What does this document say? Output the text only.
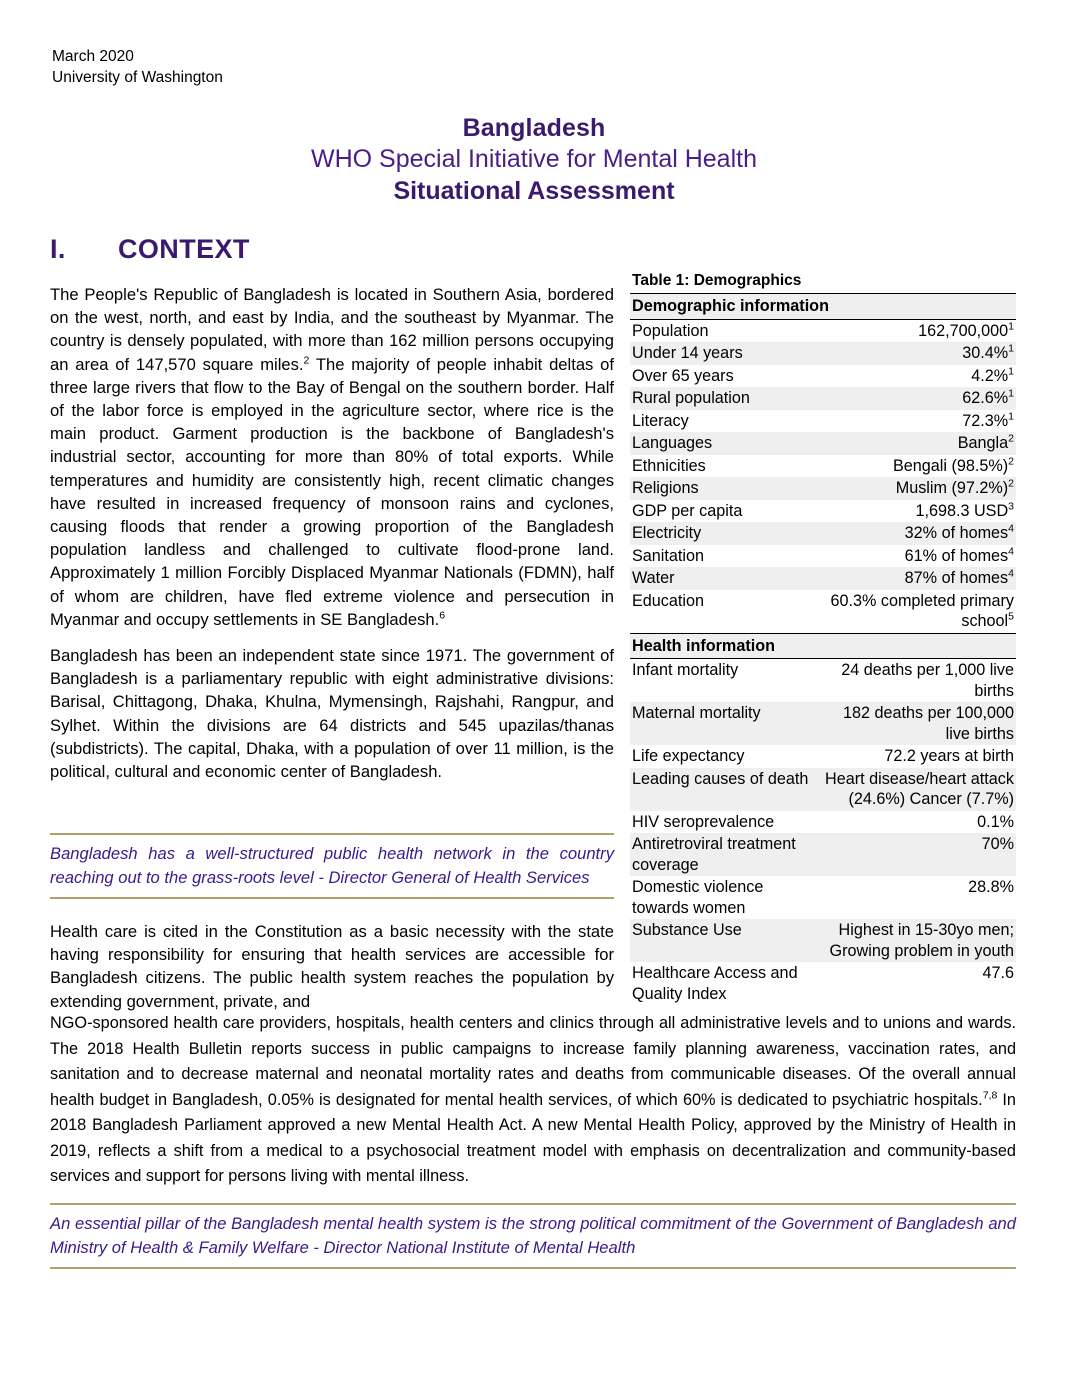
March 2020
University of Washington
Bangladesh
WHO Special Initiative for Mental Health
Situational Assessment
I. CONTEXT

The People's Republic of Bangladesh is located in Southern Asia, bordered on the west, north, and east by India, and the southeast by Myanmar. The country is densely populated, with more than 162 million persons occupying an area of 147,570 square miles.$^2$ The majority of people inhabit deltas of three large rivers that flow to the Bay of Bengal on the southern border. Half of the labor force is employed in the agriculture sector, where rice is the main product. Garment production is the backbone of Bangladesh's industrial sector, accounting for more than 80% of total exports. While temperatures and humidity are consistently high, recent climatic changes have resulted in increased frequency of monsoon rains and cyclones, causing floods that render a growing proportion of the Bangladesh population landless and challenged to cultivate flood-prone land. Approximately 1 million Forcibly Displaced Myanmar Nationals (FDMN), half of whom are children, have fled extreme violence and persecution in Myanmar and occupy settlements in SE Bangladesh.$^6$

Bangladesh has been an independent state since 1971. The government of Bangladesh is a parliamentary republic with eight administrative divisions: Barisal, Chittagong, Dhaka, Khulna, Mymensingh, Rajshahi, Rangpur, and Sylhet. Within the divisions are 64 districts and 545 upazilas/thanas (subdistricts). The capital, Dhaka, with a population of over 11 million, is the political, cultural and economic center of Bangladesh.

Bangladesh has a well-structured public health network in the country reaching out to the grass-roots level - Director General of Health Services

Health care is cited in the Constitution as a basic necessity with the state having responsibility for ensuring that health services are accessible for Bangladesh citizens. The public health system reaches the population by extending government, private, and

NGO-sponsored health care providers, hospitals, health centers and clinics through all administrative levels and to unions and wards. The 2018 Health Bulletin reports success in public campaigns to increase family planning awareness, vaccination rates, and sanitation and to decrease maternal and neonatal mortality rates and deaths from communicable diseases. Of the overall annual health budget in Bangladesh, 0.05% is designated for mental health services, of which 60% is dedicated to psychiatric hospitals.$^{7,8}$ In 2018 Bangladesh Parliament approved a new Mental Health Act. A new Mental Health Policy, approved by the Ministry of Health in 2019, reflects a shift from a medical to a psychosocial treatment model with emphasis on decentralization and community-based services and support for persons living with mental illness.

An essential pillar of the Bangladesh mental health system is the strong political commitment of the Government of Bangladesh and Ministry of Health & Family Welfare - Director National Institute of Mental Health
Table 1: Demographics
Demographic information	
Population	162,700,000$^1$
Under 14 years	30.4%$^1$
Over 65 years	4.2%$^1$
Rural population	62.6%$^1$
Literacy	72.3%$^1$
Languages	Bangla$^2$
Ethnicities	Bengali $(98.5\%)^2$
Religions	Muslim $(97.2\%)^2$
GDP per capita	1,698.3 USD$^3$
Electricity	32% of homes$^4$
Sanitation	61% of homes$^4$
Water	87% of homes$^4$
Education	60.3% completed primary school$^5$
Health information	
Infant mortality	24 deaths per 1,000 live births
Maternal mortality	182 deaths per 100,000 live births
Life expectancy	72.2 years at birth
Leading causes of death	Heart disease/heart attack (24.6%) Cancer (7.7%)
HIV seroprevalence	0.1%
Antiretroviral treatment coverage	70%
Domestic violence towards women	28.8%
Substance Use	Highest in 15-30yo men; Growing problem in youth
Healthcare Access and Quality Index	47.6
